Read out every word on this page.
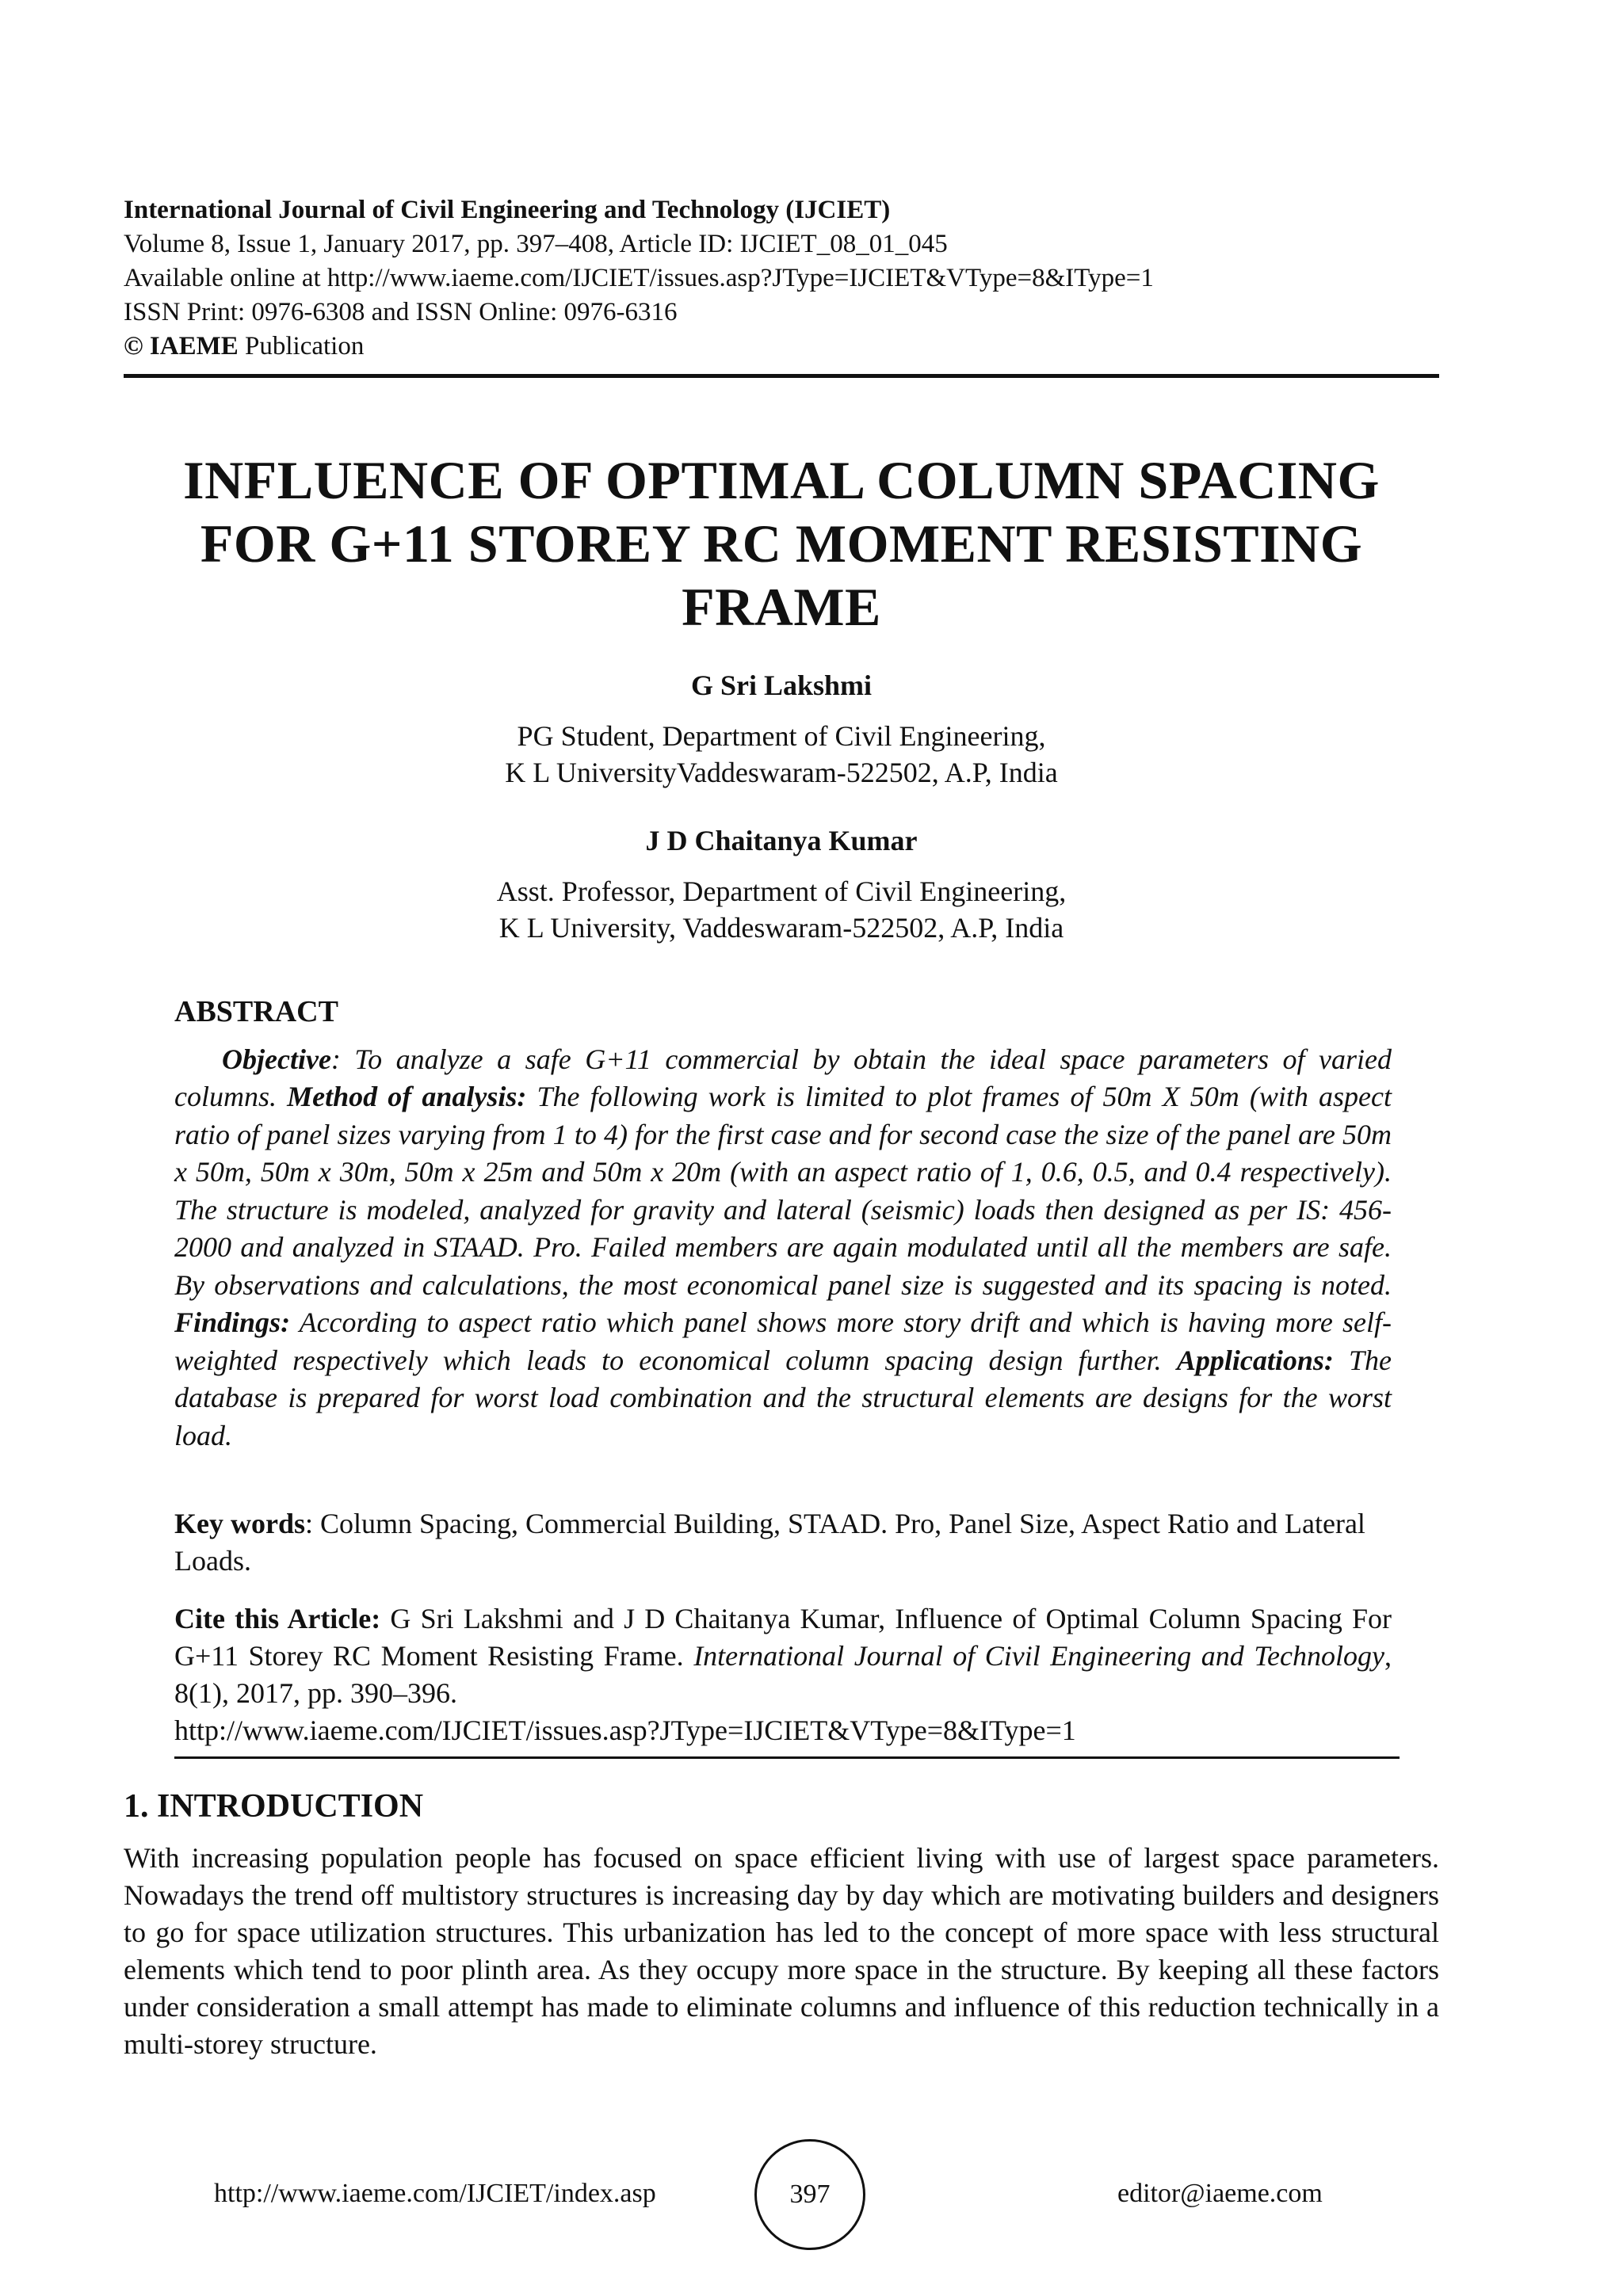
International Journal of Civil Engineering and Technology (IJCIET)
Volume 8, Issue 1, January 2017, pp. 397–408, Article ID: IJCIET_08_01_045
Available online at http://www.iaeme.com/IJCIET/issues.asp?JType=IJCIET&VType=8&IType=1
ISSN Print: 0976-6308 and ISSN Online: 0976-6316
© IAEME Publication
INFLUENCE OF OPTIMAL COLUMN SPACING
FOR G+11 STOREY RC MOMENT RESISTING
FRAME
G Sri Lakshmi
PG Student, Department of Civil Engineering,
K L UniversityVaddeswaram-522502, A.P, India
J D Chaitanya Kumar
Asst. Professor, Department of Civil Engineering,
K L University, Vaddeswaram-522502, A.P, India
ABSTRACT

Objective: To analyze a safe G+11 commercial by obtain the ideal space parameters of varied columns. Method of analysis: The following work is limited to plot frames of 50m X 50m (with aspect ratio of panel sizes varying from 1 to 4) for the first case and for second case the size of the panel are 50m x 50m, 50m x 30m, 50m x 25m and 50m x 20m (with an aspect ratio of 1, 0.6, 0.5, and 0.4 respectively). The structure is modeled, analyzed for gravity and lateral (seismic) loads then designed as per IS: 456-2000 and analyzed in STAAD. Pro. Failed members are again modulated until all the members are safe. By observations and calculations, the most economical panel size is suggested and its spacing is noted. Findings: According to aspect ratio which panel shows more story drift and which is having more self-weighted respectively which leads to economical column spacing design further. Applications: The database is prepared for worst load combination and the structural elements are designs for the worst load.

Key words: Column Spacing, Commercial Building, STAAD. Pro, Panel Size, Aspect Ratio and Lateral Loads.
Cite this Article: G Sri Lakshmi and J D Chaitanya Kumar, Influence of Optimal Column Spacing For G+11 Storey RC Moment Resisting Frame. International Journal of Civil Engineering and Technology, 8(1), 2017, pp. 390–396.
http://www.iaeme.com/IJCIET/issues.asp?JType=IJCIET&VType=8&IType=1
1. INTRODUCTION

With increasing population people has focused on space efficient living with use of largest space parameters. Nowadays the trend off multistory structures is increasing day by day which are motivating builders and designers to go for space utilization structures. This urbanization has led to the concept of more space with less structural elements which tend to poor plinth area. As they occupy more space in the structure. By keeping all these factors under consideration a small attempt has made to eliminate columns and influence of this reduction technically in a multi-storey structure.

http://www.iaeme.com/IJCIET/index.asp	397	editor@iaeme.com
